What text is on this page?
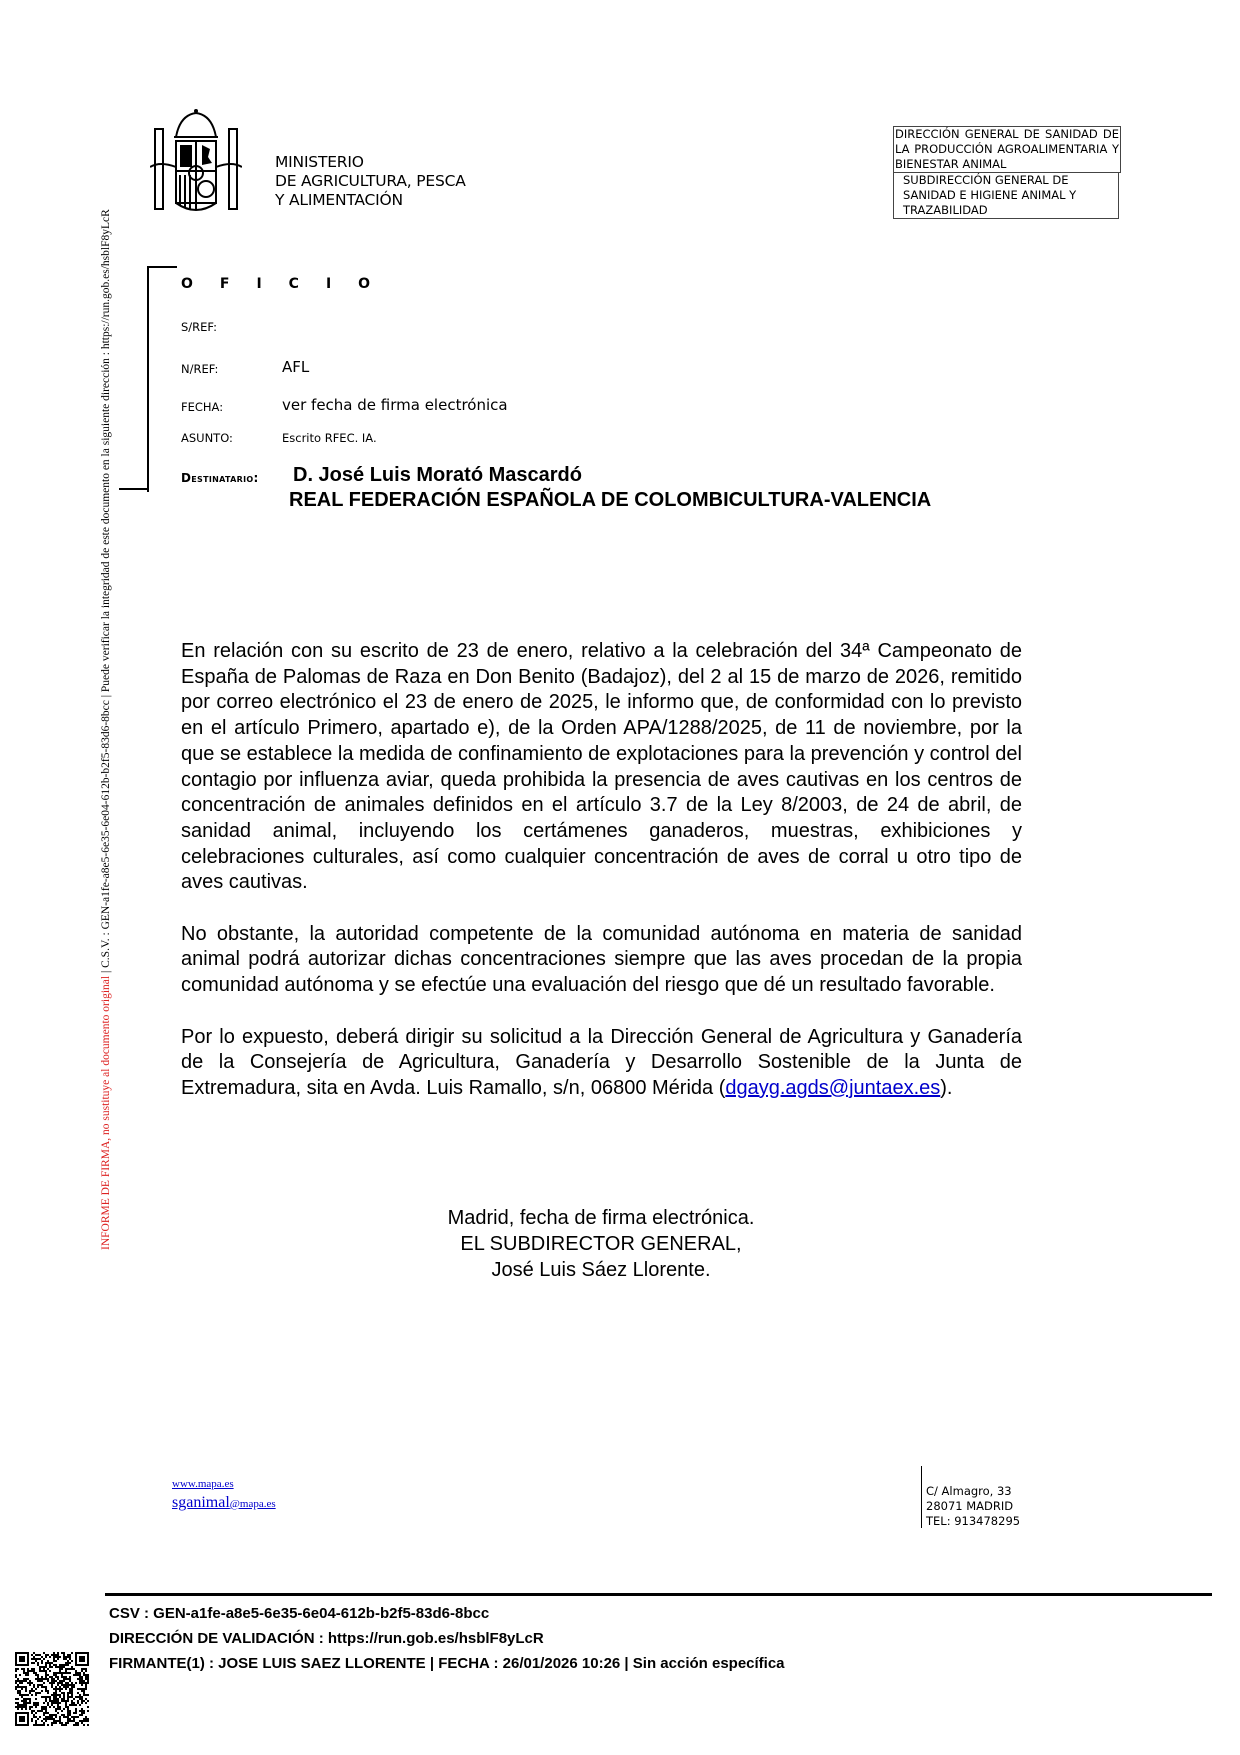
INFORME DE FIRMA, no sustituye al documento original | C.S.V. : GEN-a1fe-a8e5-6e35-6e04-612b-b2f5-83d6-8bcc | Puede verificar la integridad de este documento en la siguiente dirección : https://run.gob.es/hsblF8yLcR
MINISTERIO
DE AGRICULTURA, PESCA
Y ALIMENTACIÓN
DIRECCIÓN GENERAL DE SANIDAD DE LA PRODUCCIÓN AGROALIMENTARIA Y BIENESTAR ANIMAL
SUBDIRECCIÓN GENERAL DE SANIDAD E HIGIENE ANIMAL Y TRAZABILIDAD
OFICIO
S/REF:
N/REF:	AFL
FECHA:	ver fecha de firma electrónica
ASUNTO:	Escrito RFEC. IA.
Destinatario: D. José Luis Morató Mascardó
REAL FEDERACIÓN ESPAÑOLA DE COLOMBICULTURA-VALENCIA

En relación con su escrito de 23 de enero, relativo a la celebración del 34ª Campeonato de España de Palomas de Raza en Don Benito (Badajoz), del 2 al 15 de marzo de 2026, remitido por correo electrónico el 23 de enero de 2025, le informo que, de conformidad con lo previsto en el artículo Primero, apartado e), de la Orden APA/1288/2025, de 11 de noviembre, por la que se establece la medida de confinamiento de explotaciones para la prevención y control del contagio por influenza aviar, queda prohibida la presencia de aves cautivas en los centros de concentración de animales definidos en el artículo 3.7 de la Ley 8/2003, de 24 de abril, de sanidad animal, incluyendo los certámenes ganaderos, muestras, exhibiciones y celebraciones culturales, así como cualquier concentración de aves de corral u otro tipo de aves cautivas.

No obstante, la autoridad competente de la comunidad autónoma en materia de sanidad animal podrá autorizar dichas concentraciones siempre que las aves procedan de la propia comunidad autónoma y se efectúe una evaluación del riesgo que dé un resultado favorable.

Por lo expuesto, deberá dirigir su solicitud a la Dirección General de Agricultura y Ganadería de la Consejería de Agricultura, Ganadería y Desarrollo Sostenible de la Junta de Extremadura, sita en Avda. Luis Ramallo, s/n, 06800 Mérida (dgayg.agds@juntaex.es).

Madrid, fecha de firma electrónica.
EL SUBDIRECTOR GENERAL,
José Luis Sáez Llorente.
www.mapa.es
sganimal@mapa.es
C/ Almagro, 33
28071 MADRID
TEL: 913478295
CSV : GEN-a1fe-a8e5-6e35-6e04-612b-b2f5-83d6-8bcc
DIRECCIÓN DE VALIDACIÓN : https://run.gob.es/hsblF8yLcR
FIRMANTE(1) : JOSE LUIS SAEZ LLORENTE | FECHA : 26/01/2026 10:26 | Sin acción específica
